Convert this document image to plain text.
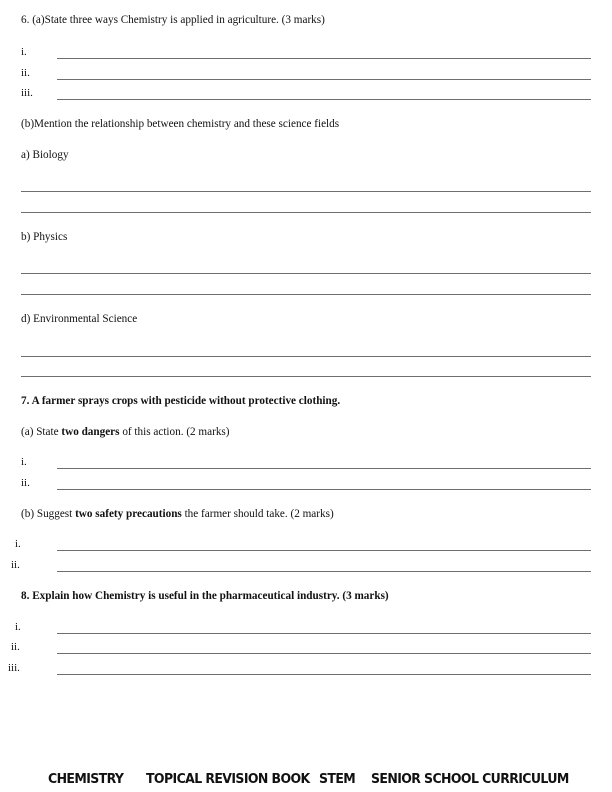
6. (a)State three ways Chemistry is applied in agriculture. (3 marks)
i.
ii.
iii.
(b)Mention the relationship between chemistry and these science fields
a) Biology
b) Physics
d) Environmental Science
7. A farmer sprays crops with pesticide without protective clothing.
(a) State two dangers of this action. (2 marks)
i.
ii.
(b) Suggest two safety precautions the farmer should take. (2 marks)
i.
ii.
8. Explain how Chemistry is useful in the pharmaceutical industry. (3 marks)
i.
ii.
iii.
CHEMISTRY TOPICAL REVISION BOOK STEM SENIOR SCHOOL CURRICULUM
